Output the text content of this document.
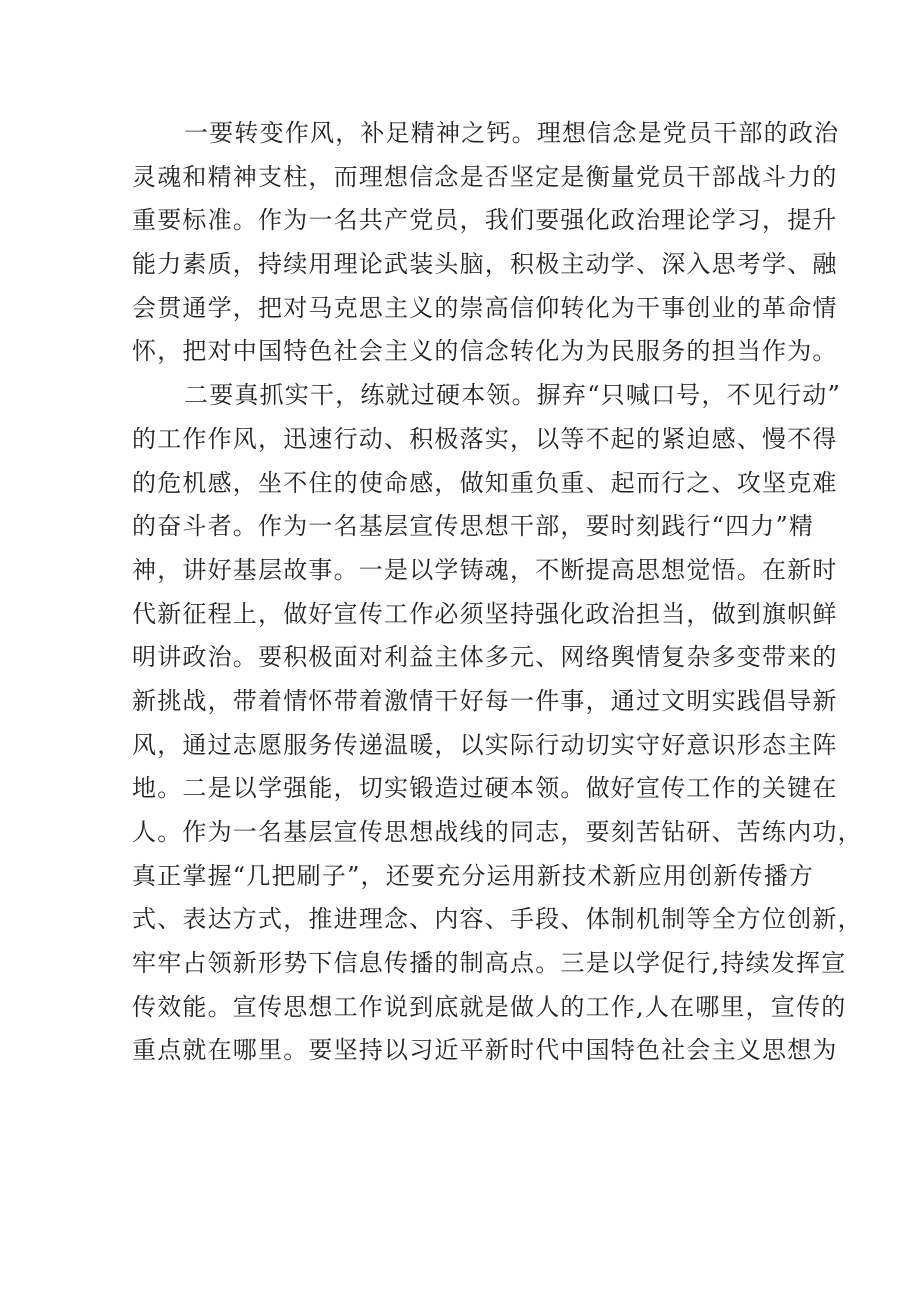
一要转变作风，补足精神之钙。理想信念是党员干部的政治
灵魂和精神支柱，而理想信念是否坚定是衡量党员干部战斗力的
重要标准。作为一名共产党员，我们要强化政治理论学习，提升
能力素质，持续用理论武装头脑，积极主动学、深入思考学、融
会贯通学，把对马克思主义的崇高信仰转化为干事创业的革命情
怀，把对中国特色社会主义的信念转化为为民服务的担当作为。
二要真抓实干，练就过硬本领。摒弃“只喊口号，不见行动”
的工作作风，迅速行动、积极落实，以等不起的紧迫感、慢不得
的危机感，坐不住的使命感，做知重负重、起而行之、攻坚克难
的奋斗者。作为一名基层宣传思想干部，要时刻践行“四力”精
神，讲好基层故事。一是以学铸魂，不断提高思想觉悟。在新时
代新征程上，做好宣传工作必须坚持强化政治担当，做到旗帜鲜
明讲政治。要积极面对利益主体多元、网络舆情复杂多变带来的
新挑战，带着情怀带着激情干好每一件事，通过文明实践倡导新
风，通过志愿服务传递温暖，以实际行动切实守好意识形态主阵
地。二是以学强能，切实锻造过硬本领。做好宣传工作的关键在
人。作为一名基层宣传思想战线的同志，要刻苦钻研、苦练内功，
真正掌握“几把刷子”，还要充分运用新技术新应用创新传播方
式、表达方式，推进理念、内容、手段、体制机制等全方位创新，
牢牢占领新形势下信息传播的制高点。三是以学促行,持续发挥宣
传效能。宣传思想工作说到底就是做人的工作,人在哪里，宣传的
重点就在哪里。要坚持以习近平新时代中国特色社会主义思想为
